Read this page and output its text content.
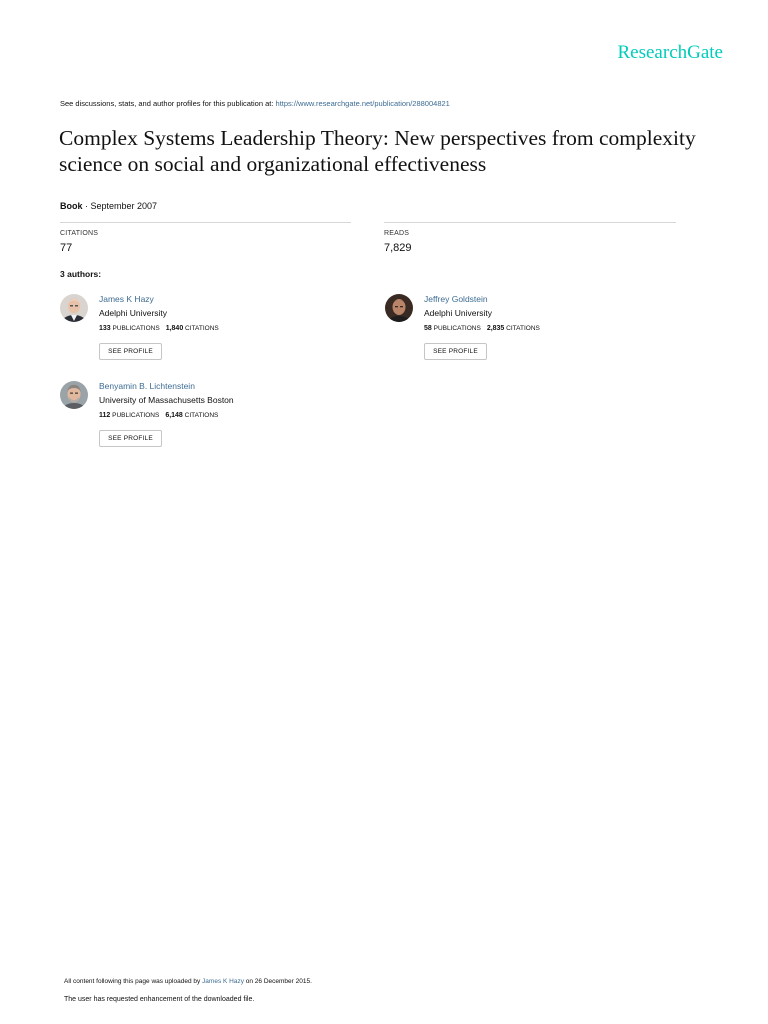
ResearchGate
See discussions, stats, and author profiles for this publication at: https://www.researchgate.net/publication/288004821
Complex Systems Leadership Theory: New perspectives from complexity science on social and organizational effectiveness
Book · September 2007
CITATIONS
77
READS
7,829
3 authors:
James K Hazy
Adelphi University
133 PUBLICATIONS 1,840 CITATIONS
SEE PROFILE
Jeffrey Goldstein
Adelphi University
58 PUBLICATIONS 2,835 CITATIONS
SEE PROFILE
Benyamin B. Lichtenstein
University of Massachusetts Boston
112 PUBLICATIONS 6,148 CITATIONS
SEE PROFILE
All content following this page was uploaded by James K Hazy on 26 December 2015.
The user has requested enhancement of the downloaded file.
